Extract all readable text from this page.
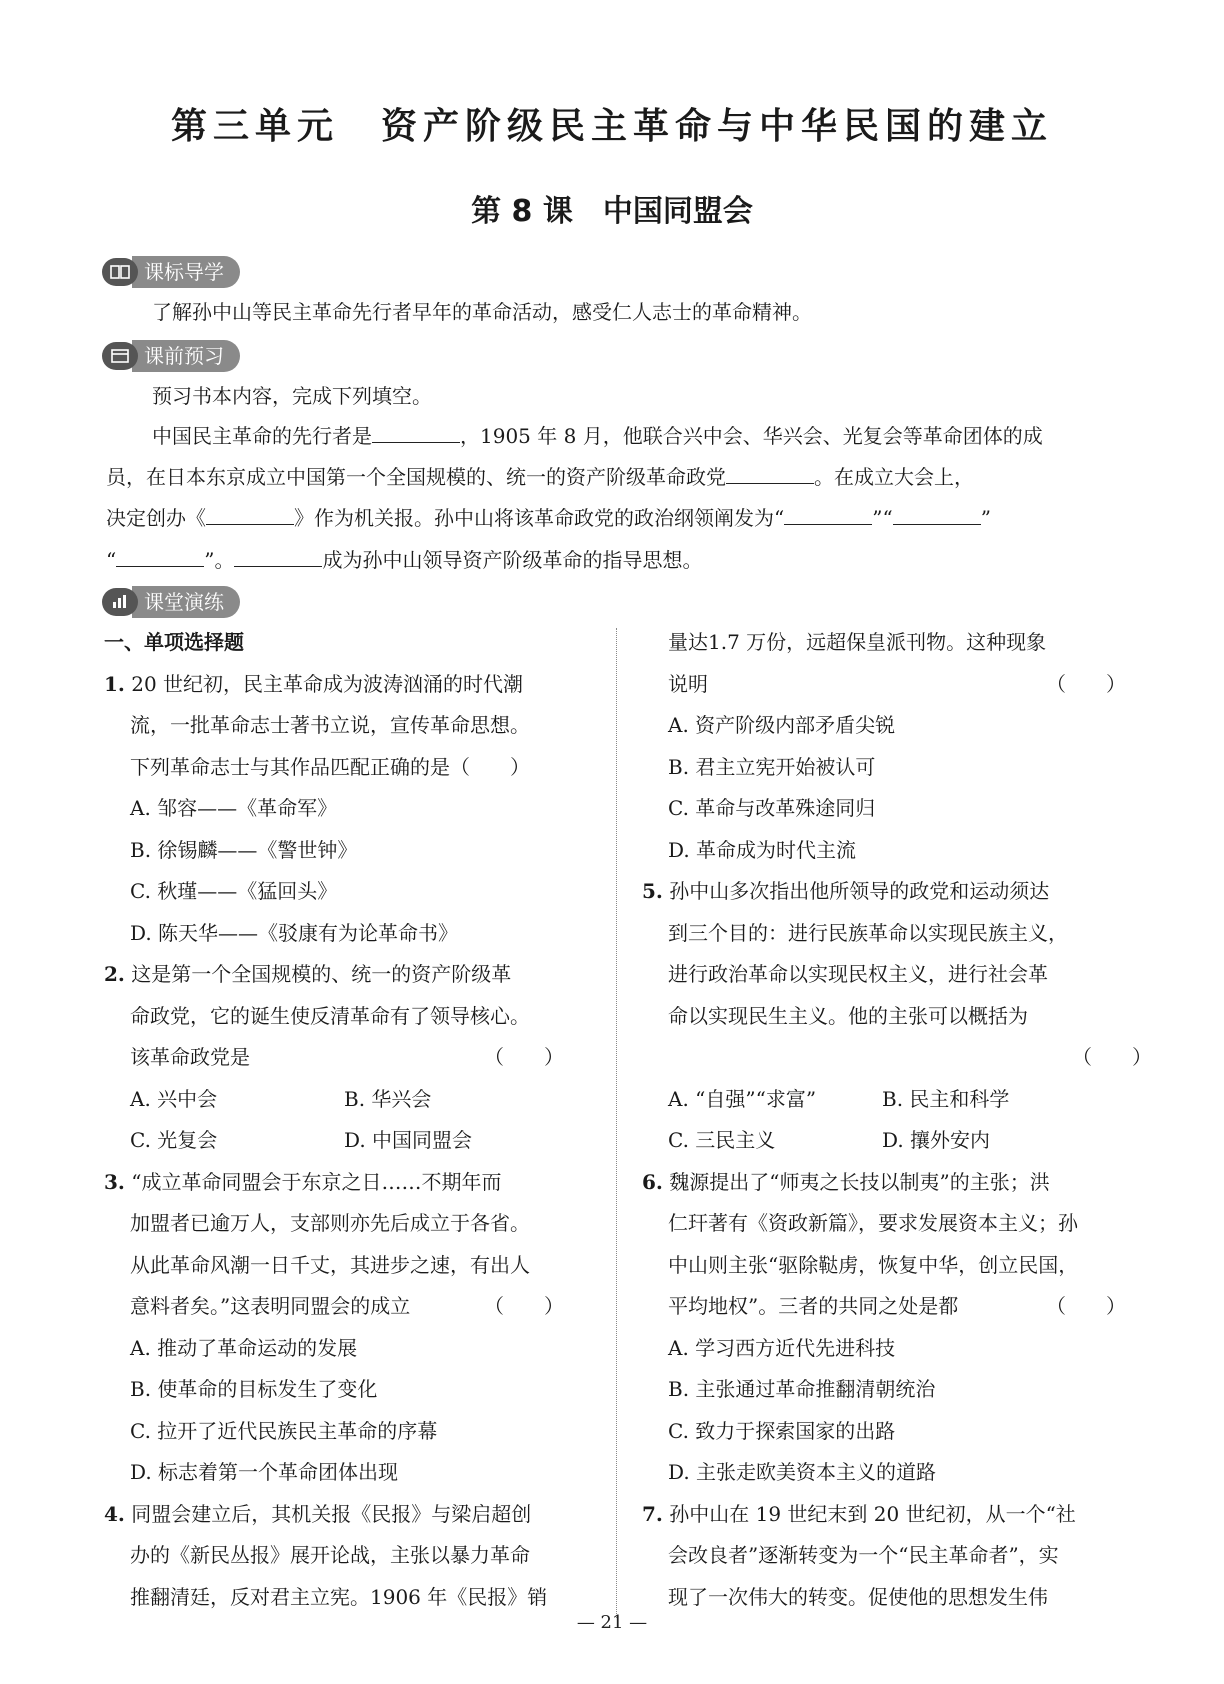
第三单元　资产阶级民主革命与中华民国的建立
第 8 课　中国同盟会
课标导学
了解孙中山等民主革命先行者早年的革命活动，感受仁人志士的革命精神。
课前预习
预习书本内容，完成下列填空。
中国民主革命的先行者是	，1905 年 8 月，他联合兴中会、华兴会、光复会等革命团体的成
员，在日本东京成立中国第一个全国规模的、统一的资产阶级革命政党	。在成立大会上，
决定创办《	》作为机关报。孙中山将该革命政党的政治纲领阐发为“	”“	”
“	”。	成为孙中山领导资产阶级革命的指导思想。
课堂演练
一、单项选择题
1. 20 世纪初，民主革命成为波涛汹涌的时代潮
流，一批革命志士著书立说，宣传革命思想。
下列革命志士与其作品匹配正确的是（　　）
A. 邹容——《革命军》
B. 徐锡麟——《警世钟》
C. 秋瑾——《猛回头》
D. 陈天华——《驳康有为论革命书》
2. 这是第一个全国规模的、统一的资产阶级革
命政党，它的诞生使反清革命有了领导核心。
该革命政党是	（　　）
A. 兴中会	B. 华兴会
C. 光复会	D. 中国同盟会
3. “成立革命同盟会于东京之日……不期年而
加盟者已逾万人，支部则亦先后成立于各省。
从此革命风潮一日千丈，其进步之速，有出人
意料者矣。”这表明同盟会的成立	（　　）
A. 推动了革命运动的发展
B. 使革命的目标发生了变化
C. 拉开了近代民族民主革命的序幕
D. 标志着第一个革命团体出现
4. 同盟会建立后，其机关报《民报》与梁启超创
办的《新民丛报》展开论战，主张以暴力革命
推翻清廷，反对君主立宪。1906 年《民报》销
量达1.7 万份，远超保皇派刊物。这种现象
说明	（　　）
A. 资产阶级内部矛盾尖锐
B. 君主立宪开始被认可
C. 革命与改革殊途同归
D. 革命成为时代主流
5. 孙中山多次指出他所领导的政党和运动须达
到三个目的：进行民族革命以实现民族主义，
进行政治革命以实现民权主义，进行社会革
命以实现民生主义。他的主张可以概括为
（　　）

A. “自强”“求富”	B. 民主和科学
C. 三民主义	D. 攘外安内
6. 魏源提出了“师夷之长技以制夷”的主张；洪
仁玕著有《资政新篇》，要求发展资本主义；孙
中山则主张“驱除鞑虏，恢复中华，创立民国，
平均地权”。三者的共同之处是都	（　　）
A. 学习西方近代先进科技
B. 主张通过革命推翻清朝统治
C. 致力于探索国家的出路
D. 主张走欧美资本主义的道路
7. 孙中山在 19 世纪末到 20 世纪初，从一个“社
会改良者”逐渐转变为一个“民主革命者”，实
现了一次伟大的转变。促使他的思想发生伟
— 21 —
